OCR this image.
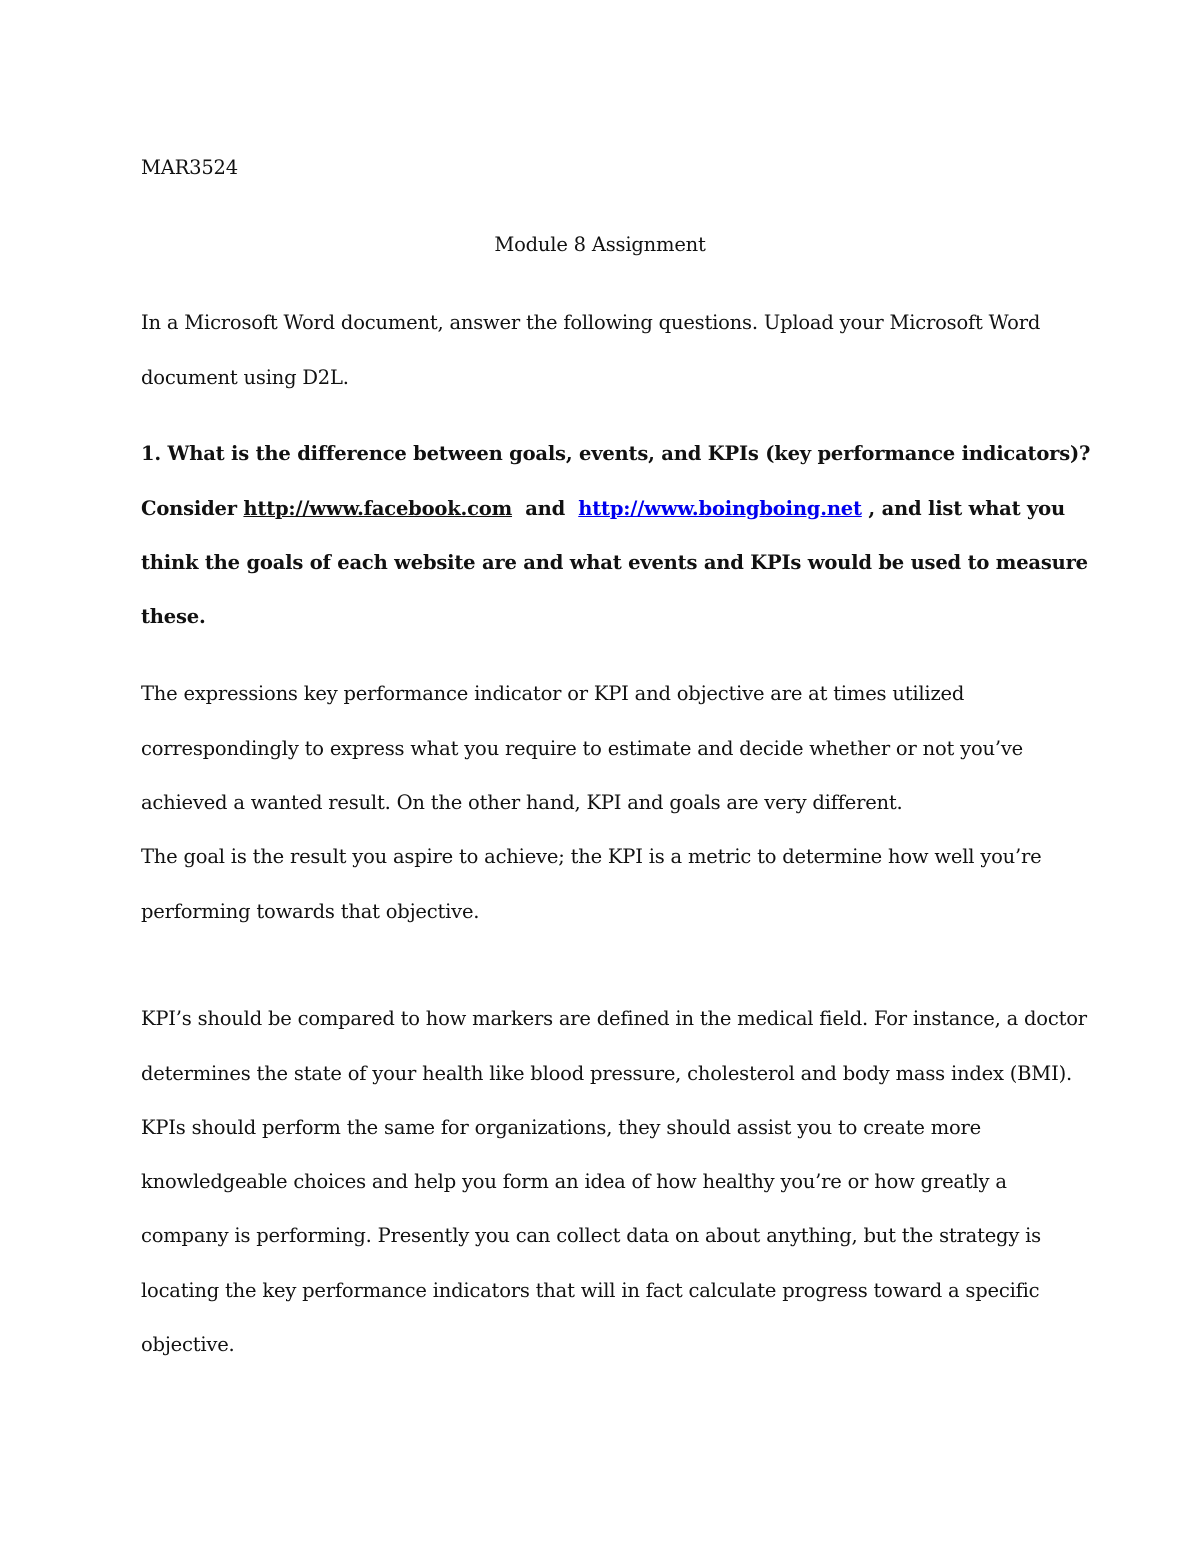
MAR3524
Module 8 Assignment
In a Microsoft Word document, answer the following questions. Upload your Microsoft Word
document using D2L.
1. What is the difference between goals, events, and KPIs (key performance indicators)?
Consider http://www.facebook.com  and  http://www.boingboing.net , and list what you
think the goals of each website are and what events and KPIs would be used to measure
these.
The expressions key performance indicator or KPI and objective are at times utilized
correspondingly to express what you require to estimate and decide whether or not you’ve
achieved a wanted result. On the other hand, KPI and goals are very different.
The goal is the result you aspire to achieve; the KPI is a metric to determine how well you’re
performing towards that objective.
KPI’s should be compared to how markers are defined in the medical field. For instance, a doctor
determines the state of your health like blood pressure, cholesterol and body mass index (BMI).
KPIs should perform the same for organizations, they should assist you to create more
knowledgeable choices and help you form an idea of how healthy you’re or how greatly a
company is performing. Presently you can collect data on about anything, but the strategy is
locating the key performance indicators that will in fact calculate progress toward a specific
objective.
